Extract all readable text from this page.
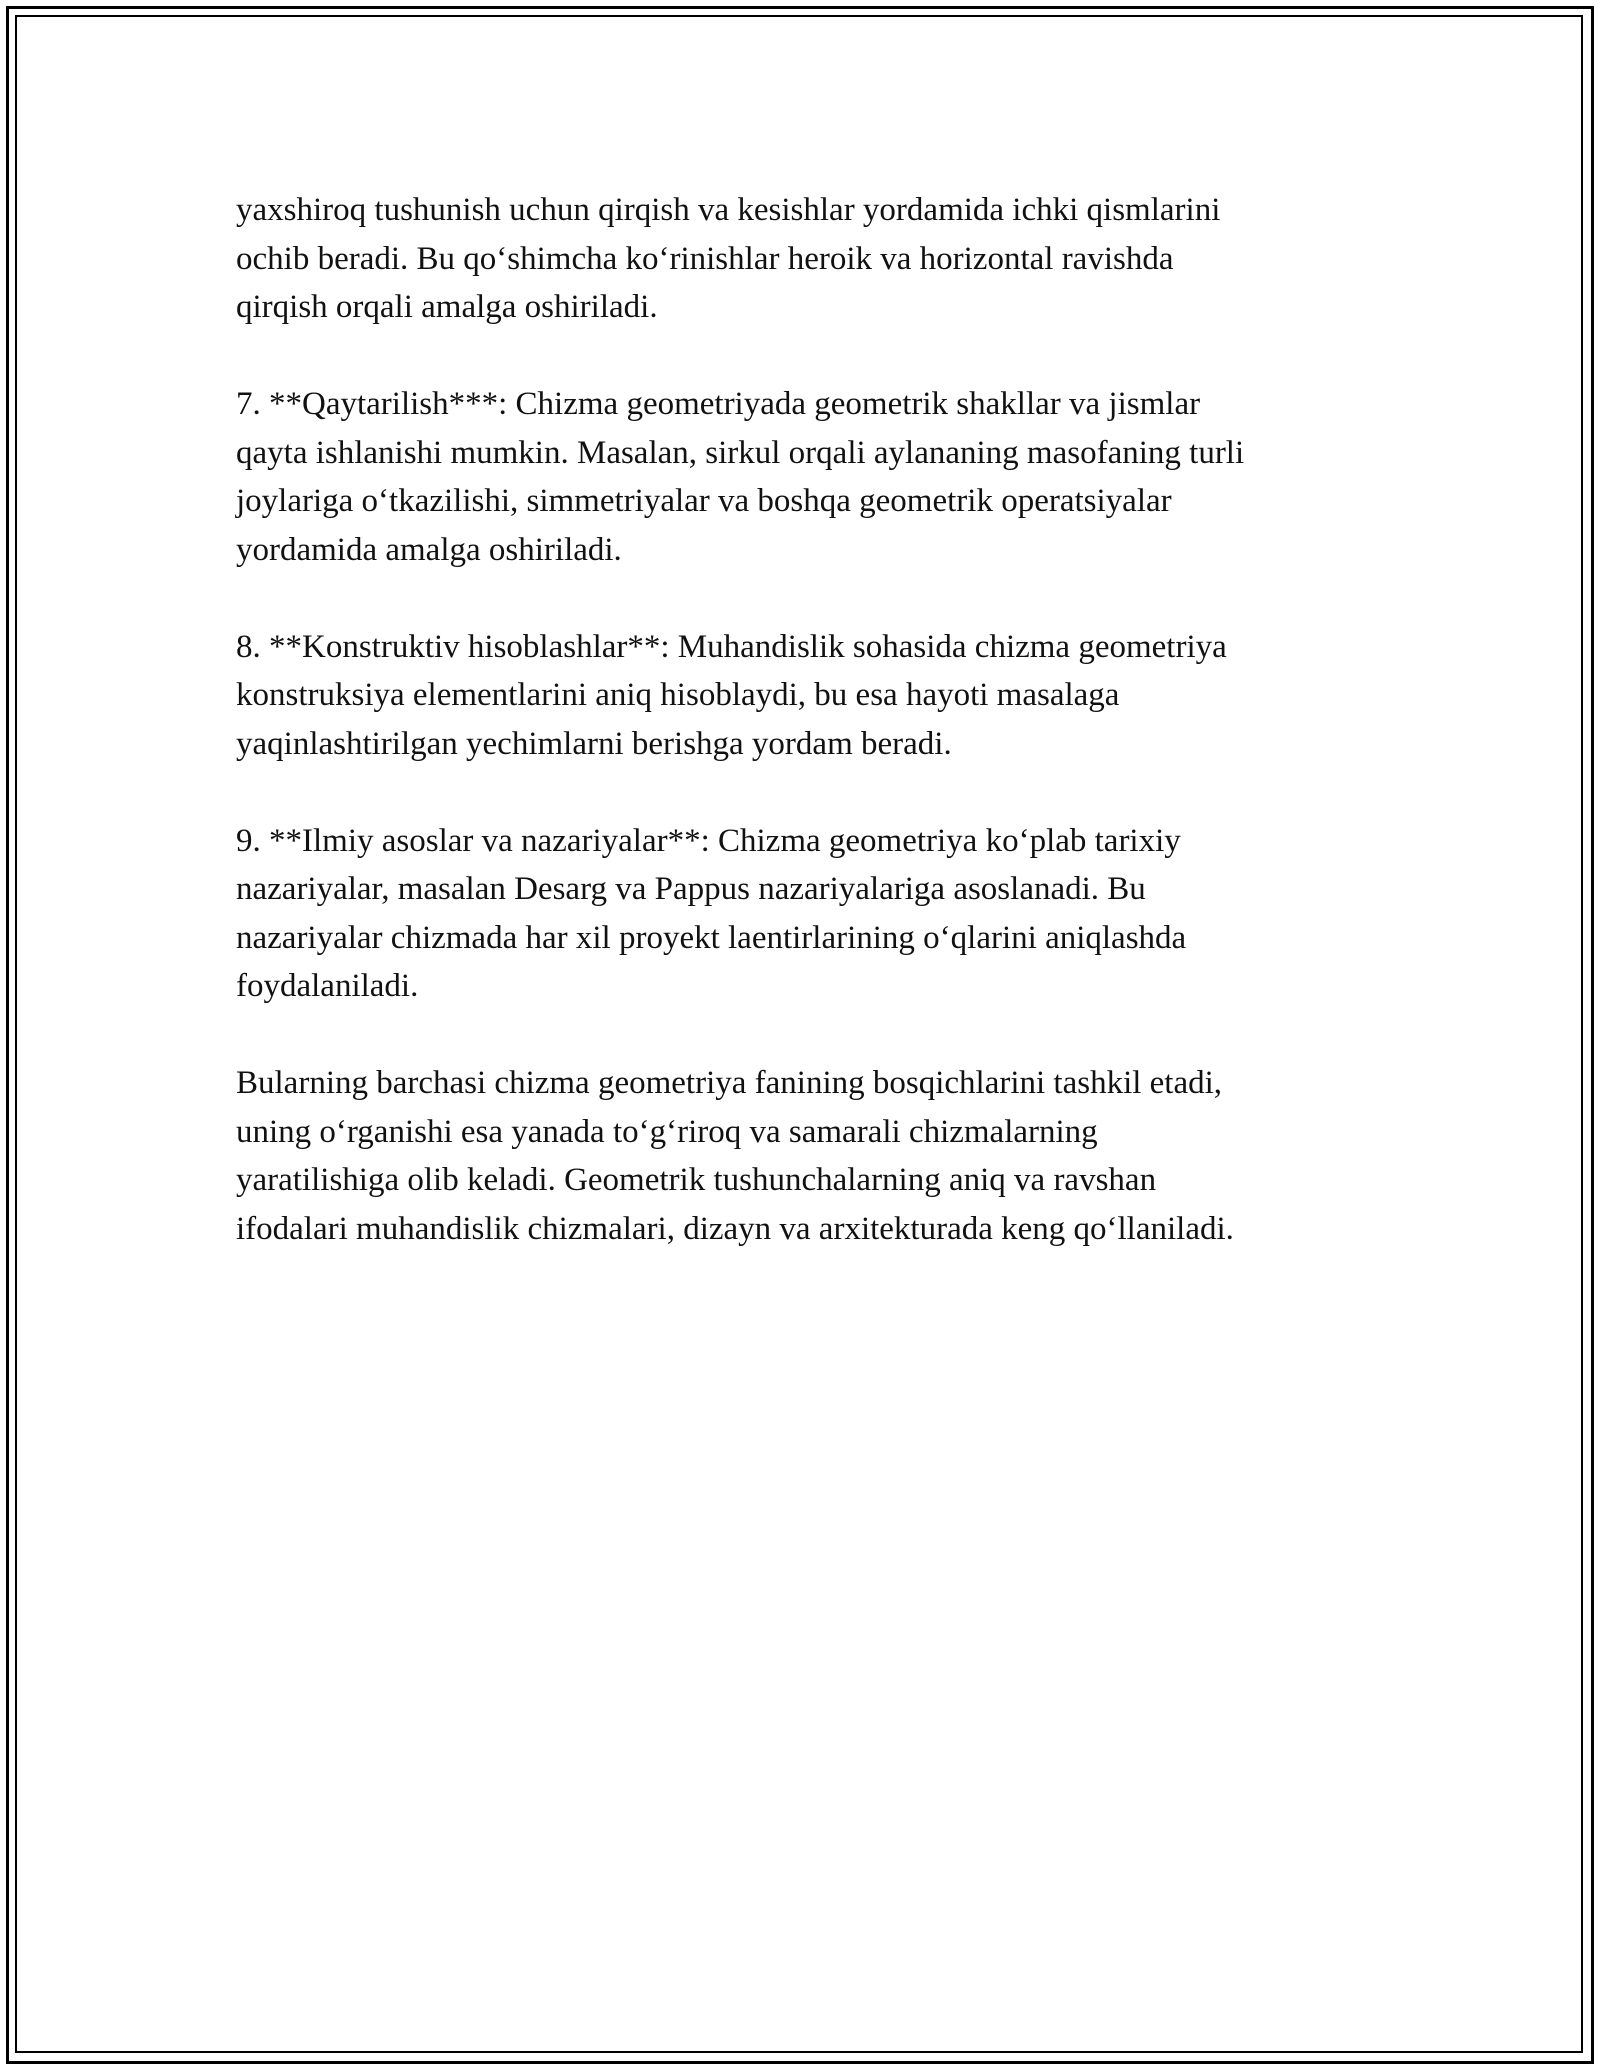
yaxshiroq tushunish uchun qirqish va kesishlar yordamida ichki qismlarini
ochib beradi. Bu qo‘shimcha ko‘rinishlar heroik va horizontal ravishda
qirqish orqali amalga oshiriladi.

7. **Qaytarilish***: Chizma geometriyada geometrik shakllar va jismlar
qayta ishlanishi mumkin. Masalan, sirkul orqali aylananing masofaning turli
joylariga o‘tkazilishi, simmetriyalar va boshqa geometrik operatsiyalar
yordamida amalga oshiriladi.

8. **Konstruktiv hisoblashlar**: Muhandislik sohasida chizma geometriya
konstruksiya elementlarini aniq hisoblaydi, bu esa hayoti masalaga
yaqinlashtirilgan yechimlarni berishga yordam beradi.

9. **Ilmiy asoslar va nazariyalar**: Chizma geometriya ko‘plab tarixiy
nazariyalar, masalan Desarg va Pappus nazariyalariga asoslanadi. Bu
nazariyalar chizmada har xil proyekt laentirlarining o‘qlarini aniqlashda
foydalaniladi.

Bularning barchasi chizma geometriya fanining bosqichlarini tashkil etadi,
uning o‘rganishi esa yanada to‘g‘riroq va samarali chizmalarning
yaratilishiga olib keladi. Geometrik tushunchalarning aniq va ravshan
ifodalari muhandislik chizmalari, dizayn va arxitekturada keng qo‘llaniladi.
